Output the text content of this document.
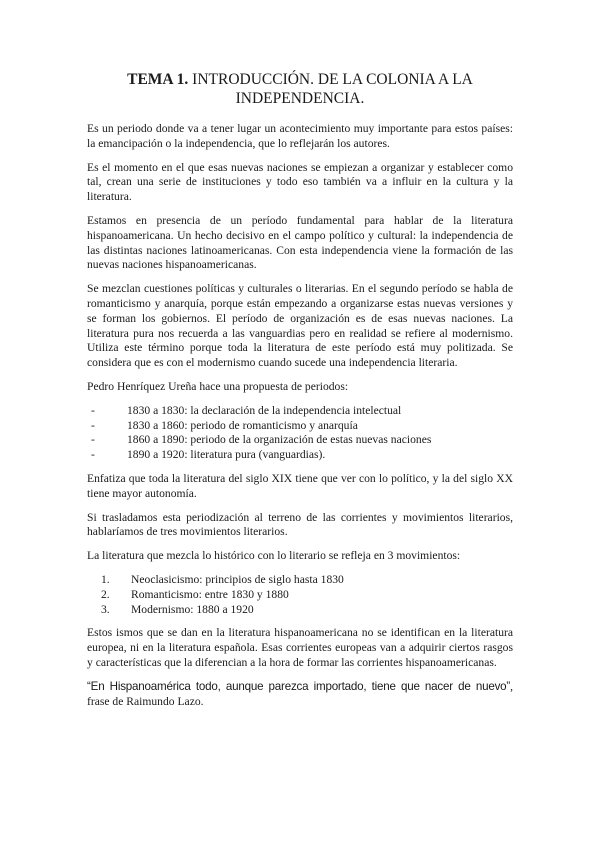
TEMA 1. INTRODUCCIÓN. DE LA COLONIA A LA INDEPENDENCIA.

Es un periodo donde va a tener lugar un acontecimiento muy importante para estos países: la emancipación o la independencia, que lo reflejarán los autores.

Es el momento en el que esas nuevas naciones se empiezan a organizar y establecer como tal, crean una serie de instituciones y todo eso también va a influir en la cultura y la literatura.

Estamos en presencia de un período fundamental para hablar de la literatura hispanoamericana. Un hecho decisivo en el campo político y cultural: la independencia de las distintas naciones latinoamericanas. Con esta independencia viene la formación de las nuevas naciones hispanoamericanas.

Se mezclan cuestiones políticas y culturales o literarias. En el segundo período se habla de romanticismo y anarquía, porque están empezando a organizarse estas nuevas versiones y se forman los gobiernos. El período de organización es de esas nuevas naciones. La literatura pura nos recuerda a las vanguardias pero en realidad se refiere al modernismo. Utiliza este término porque toda la literatura de este período está muy politizada. Se considera que es con el modernismo cuando sucede una independencia literaria.

Pedro Henríquez Ureña hace una propuesta de periodos:

-	1830 a 1830: la declaración de la independencia intelectual
-	1830 a 1860: periodo de romanticismo y anarquía
-	1860 a 1890: periodo de la organización de estas nuevas naciones
-	1890 a 1920: literatura pura (vanguardias).

Enfatiza que toda la literatura del siglo XIX tiene que ver con lo político, y la del siglo XX tiene mayor autonomía.

Si trasladamos esta periodización al terreno de las corrientes y movimientos literarios, hablaríamos de tres movimientos literarios.

La literatura que mezcla lo histórico con lo literario se refleja en 3 movimientos:

1.	Neoclasicismo: principios de siglo hasta 1830
2.	Romanticismo: entre 1830 y 1880
3.	Modernismo: 1880 a 1920

Estos ismos que se dan en la literatura hispanoamericana no se identifican en la literatura europea, ni en la literatura española. Esas corrientes europeas van a adquirir ciertos rasgos y características que la diferencian a la hora de formar las corrientes hispanoamericanas.

“En Hispanoamérica todo, aunque parezca importado, tiene que nacer de nuevo”, frase de Raimundo Lazo.
